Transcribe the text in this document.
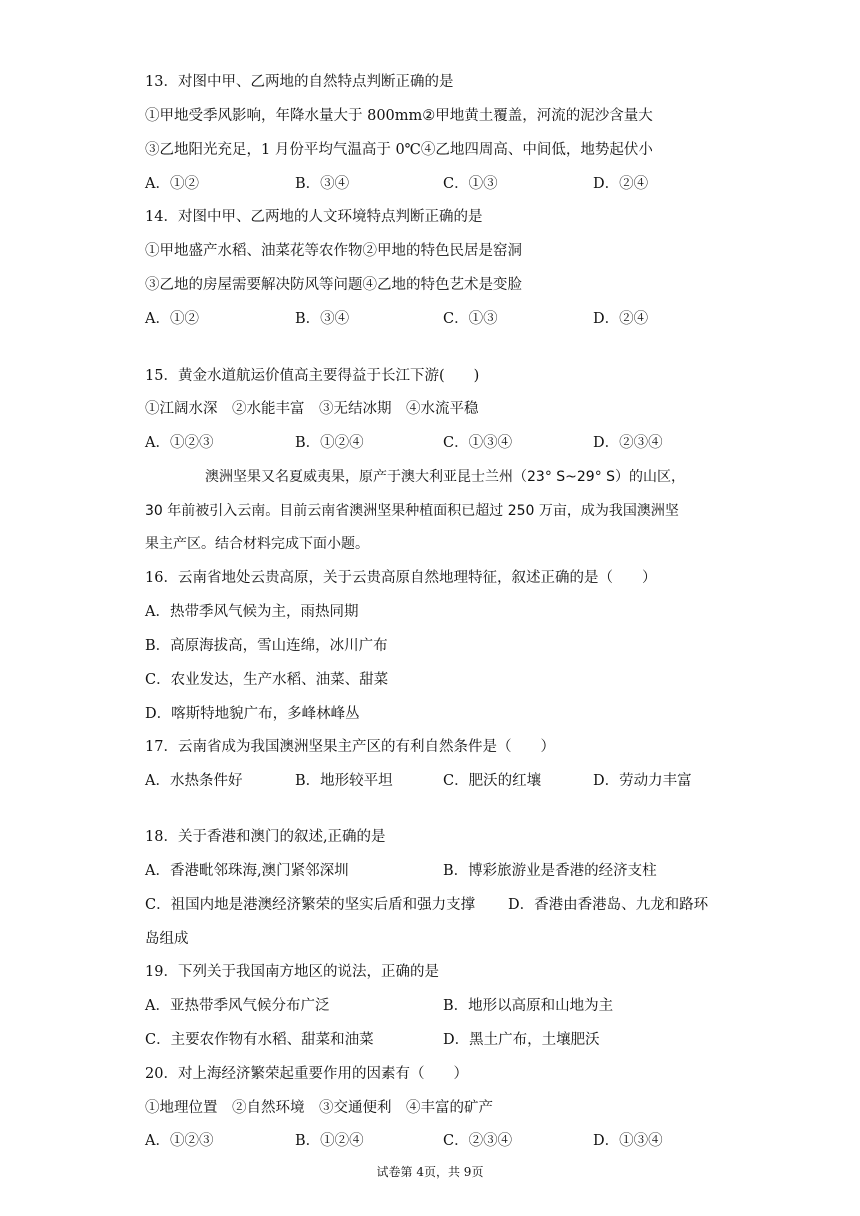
13．对图中甲、乙两地的自然特点判断正确的是
①甲地受季风影响，年降水量大于 800mm②甲地黄土覆盖，河流的泥沙含量大
③乙地阳光充足，1 月份平均气温高于 0℃④乙地四周高、中间低，地势起伏小
A．①②	B．③④	C．①③	D．②④
14．对图中甲、乙两地的人文环境特点判断正确的是
①甲地盛产水稻、油菜花等农作物②甲地的特色民居是窑洞
③乙地的房屋需要解决防风等问题④乙地的特色艺术是变脸
A．①②	B．③④	C．①③	D．②④
15．黄金水道航运价值高主要得益于长江下游(　　)
①江阔水深　②水能丰富　③无结冰期　④水流平稳
A．①②③	B．①②④	C．①③④	D．②③④
澳洲坚果又名夏威夷果，原产于澳大利亚昆士兰州（23° S~29° S）的山区，
30 年前被引入云南。目前云南省澳洲坚果种植面积已超过 250 万亩，成为我国澳洲坚
果主产区。结合材料完成下面小题。
16．云南省地处云贵高原，关于云贵高原自然地理特征，叙述正确的是（　　）
A．热带季风气候为主，雨热同期
B．高原海拔高，雪山连绵，冰川广布
C．农业发达，生产水稻、油菜、甜菜
D．喀斯特地貌广布，多峰林峰丛
17．云南省成为我国澳洲坚果主产区的有利自然条件是（　　）
A．水热条件好	B．地形较平坦	C．肥沃的红壤	D．劳动力丰富
18．关于香港和澳门的叙述,正确的是
A．香港毗邻珠海,澳门紧邻深圳	B．博彩旅游业是香港的经济支柱
C．祖国内地是港澳经济繁荣的坚实后盾和强力支撑 D．香港由香港岛、九龙和路环
岛组成
19．下列关于我国南方地区的说法，正确的是
A．亚热带季风气候分布广泛	B．地形以高原和山地为主
C．主要农作物有水稻、甜菜和油菜	D．黑土广布，土壤肥沃
20．对上海经济繁荣起重要作用的因素有（　　）
①地理位置　②自然环境　③交通便利　④丰富的矿产
A．①②③	B．①②④	C．②③④	D．①③④
试卷第 4页，共 9页
